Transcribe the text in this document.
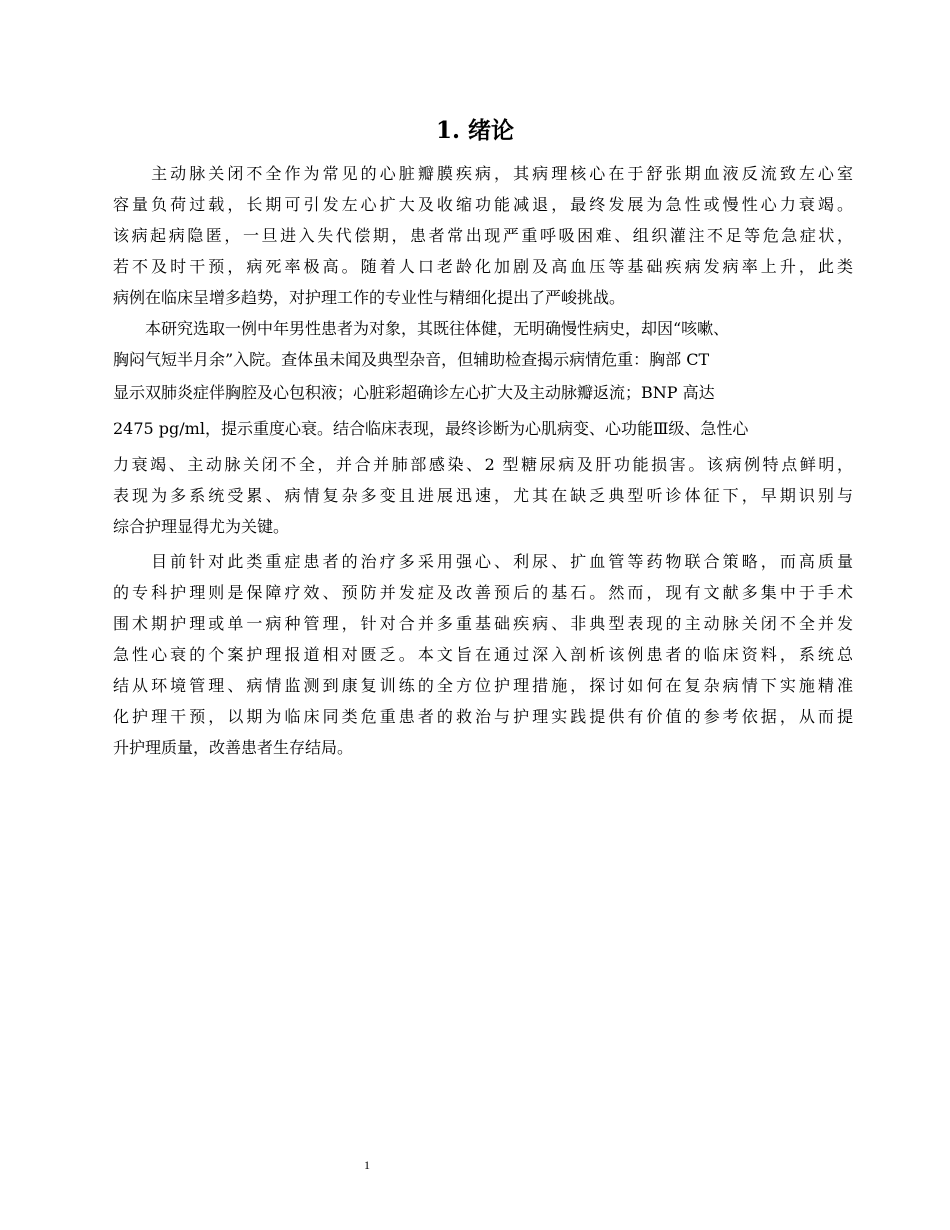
1. 绪论

　　主动脉关闭不全作为常见的心脏瓣膜疾病，其病理核心在于舒张期血液反流致左心室

容量负荷过载，长期可引发左心扩大及收缩功能减退，最终发展为急性或慢性心力衰竭。

该病起病隐匿，一旦进入失代偿期，患者常出现严重呼吸困难、组织灌注不足等危急症状，

若不及时干预，病死率极高。随着人口老龄化加剧及高血压等基础疾病发病率上升，此类

病例在临床呈增多趋势，对护理工作的专业性与精细化提出了严峻挑战。

　　本研究选取一例中年男性患者为对象，其既往体健，无明确慢性病史，却因“咳嗽、

胸闷气短半月余”入院。查体虽未闻及典型杂音，但辅助检查揭示病情危重：胸部 CT

显示双肺炎症伴胸腔及心包积液；心脏彩超确诊左心扩大及主动脉瓣返流；BNP 高达

2475 pg/ml，提示重度心衰。结合临床表现，最终诊断为心肌病变、心功能Ⅲ级、急性心

力衰竭、主动脉关闭不全，并合并肺部感染、2 型糖尿病及肝功能损害。该病例特点鲜明，

表现为多系统受累、病情复杂多变且进展迅速，尤其在缺乏典型听诊体征下，早期识别与

综合护理显得尤为关键。

　　目前针对此类重症患者的治疗多采用强心、利尿、扩血管等药物联合策略，而高质量

的专科护理则是保障疗效、预防并发症及改善预后的基石。然而，现有文献多集中于手术

围术期护理或单一病种管理，针对合并多重基础疾病、非典型表现的主动脉关闭不全并发

急性心衰的个案护理报道相对匮乏。本文旨在通过深入剖析该例患者的临床资料，系统总

结从环境管理、病情监测到康复训练的全方位护理措施，探讨如何在复杂病情下实施精准

化护理干预，以期为临床同类危重患者的救治与护理实践提供有价值的参考依据，从而提

升护理质量，改善患者生存结局。

1
